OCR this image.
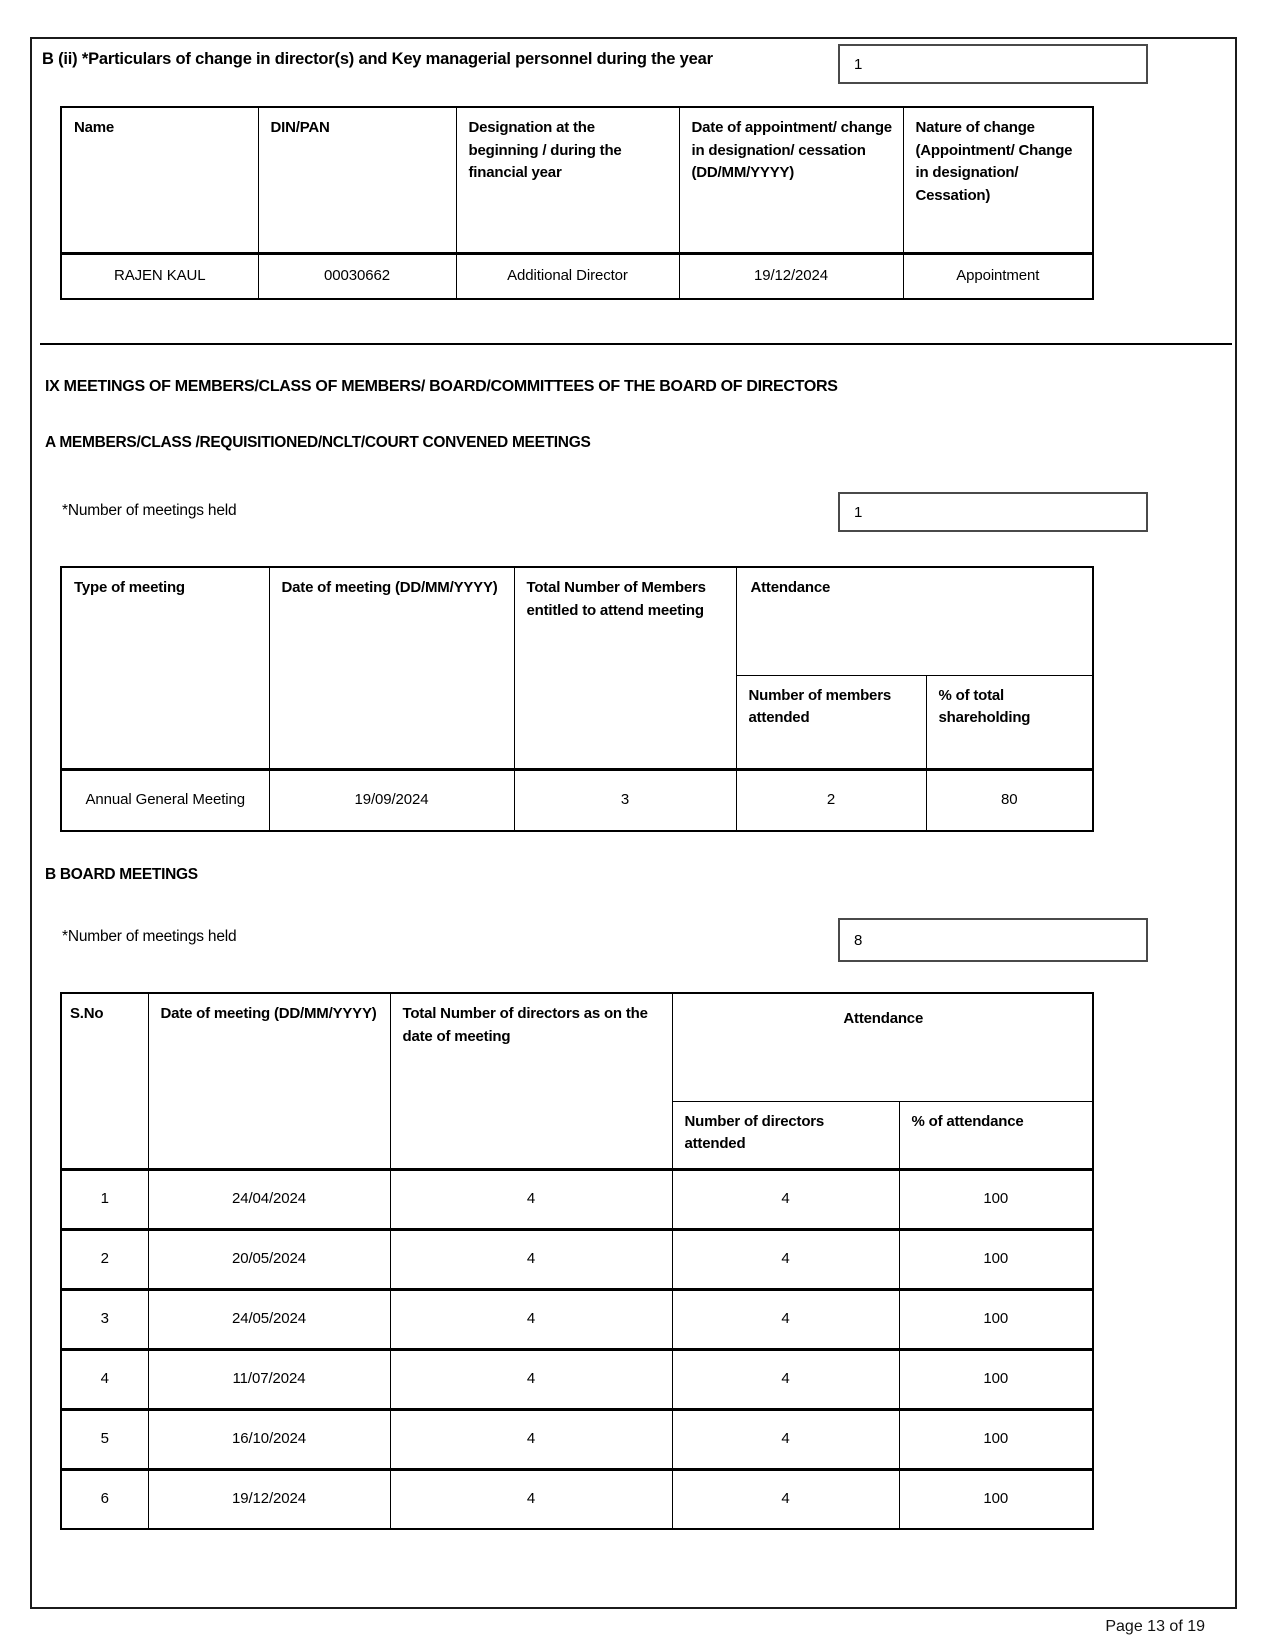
B (ii) *Particulars of change in director(s) and Key managerial personnel during the year	1
Name	DIN/PAN	Designation at the beginning / during the financial year	Date of appointment/ change in designation/ cessation (DD/MM/YYYY)	Nature of change (Appointment/ Change in designation/ Cessation)
RAJEN KAUL	00030662	Additional Director	19/12/2024	Appointment
IX MEETINGS OF MEMBERS/CLASS OF MEMBERS/ BOARD/COMMITTEES OF THE BOARD OF DIRECTORS
A MEMBERS/CLASS /REQUISITIONED/NCLT/COURT CONVENED MEETINGS
*Number of meetings held	1
Type of meeting	Date of meeting (DD/MM/YYYY)	Total Number of Members entitled to attend meeting	Attendance	
			Number of members attended	% of total shareholding
Annual General Meeting	19/09/2024	3	2	80
B BOARD MEETINGS
*Number of meetings held	8
S.No	Date of meeting (DD/MM/YYYY)	Total Number of directors as on the date of meeting	Attendance	
			Number of directors attended	% of attendance
1	24/04/2024	4	4	100
2	20/05/2024	4	4	100
3	24/05/2024	4	4	100
4	11/07/2024	4	4	100
5	16/10/2024	4	4	100
6	19/12/2024	4	4	100
Page 13 of 19
